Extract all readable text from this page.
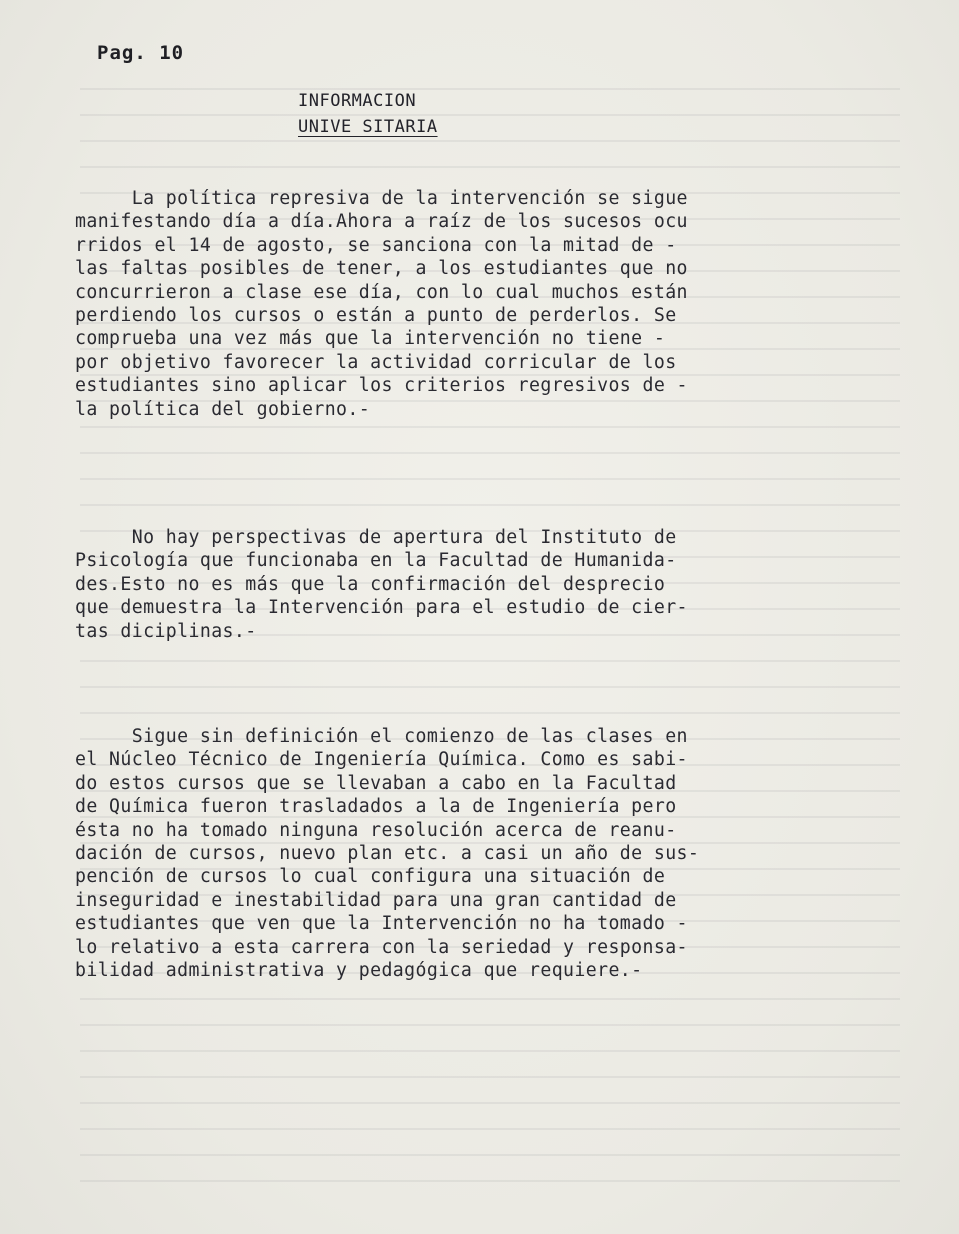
Pag. 10
INFORMACION
UNIVE SITARIA
La política represiva de la intervención se sigue
manifestando día a día.Ahora a raíz de los sucesos ocu
rridos el 14 de agosto, se sanciona con la mitad de -
las faltas posibles de tener, a los estudiantes que no
concurrieron a clase ese día, con lo cual muchos están
perdiendo los cursos o están a punto de perderlos. Se
comprueba una vez más que la intervención no tiene -
por objetivo favorecer la actividad corricular de los
estudiantes sino aplicar los criterios regresivos de -
la política del gobierno.-
No hay perspectivas de apertura del Instituto de
Psicología que funcionaba en la Facultad de Humanida-
des.Esto no es más que la confirmación del desprecio
que demuestra la Intervención para el estudio de cier-
tas diciplinas.-
Sigue sin definición el comienzo de las clases en
el Núcleo Técnico de Ingeniería Química. Como es sabi-
do estos cursos que se llevaban a cabo en la Facultad
de Química fueron trasladados a la de Ingeniería pero
ésta no ha tomado ninguna resolución acerca de reanu-
dación de cursos, nuevo plan etc. a casi un año de sus-
pención de cursos lo cual configura una situación de
inseguridad e inestabilidad para una gran cantidad de
estudiantes que ven que la Intervención no ha tomado -
lo relativo a esta carrera con la seriedad y responsa-
bilidad administrativa y pedagógica que requiere.-
